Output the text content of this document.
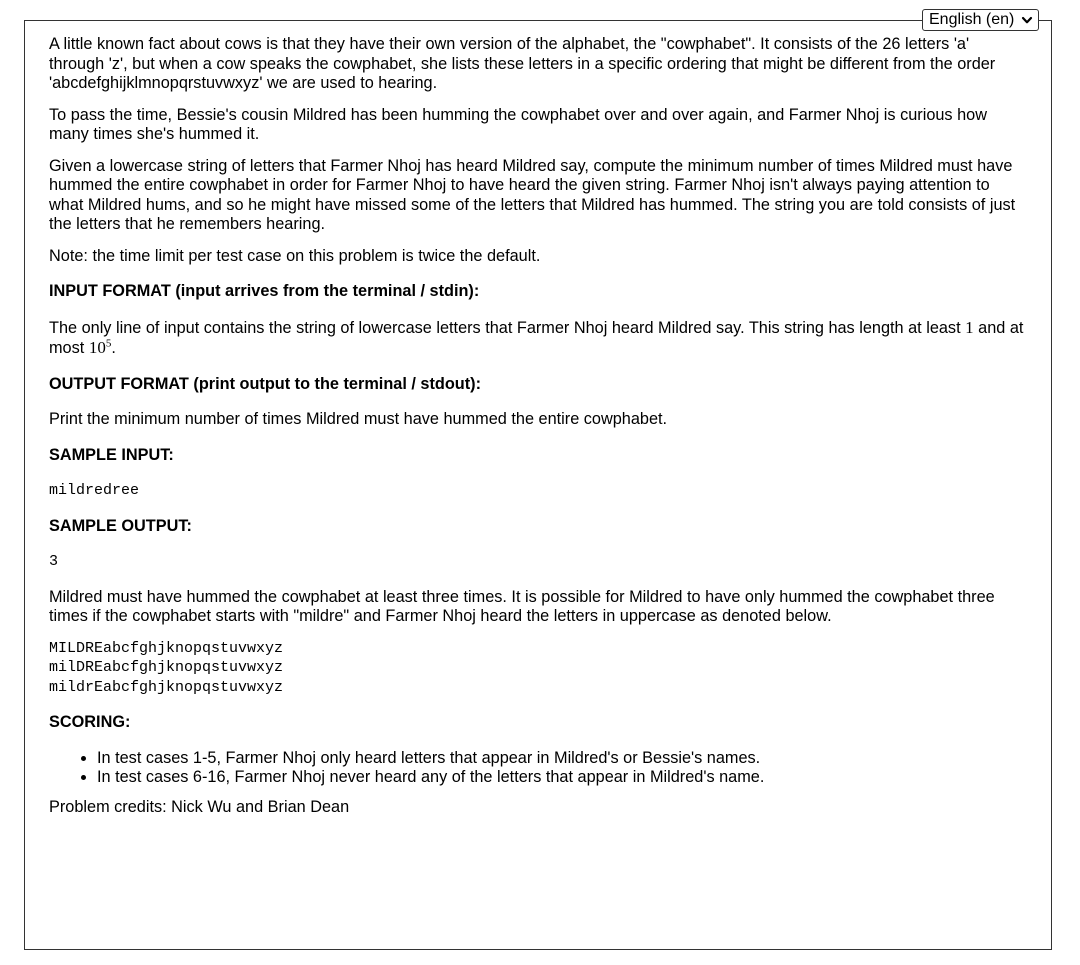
English (en)

A little known fact about cows is that they have their own version of the alphabet, the "cowphabet". It consists of the 26 letters 'a' through 'z', but when a cow speaks the cowphabet, she lists these letters in a specific ordering that might be different from the order 'abcdefghijklmnopqrstuvwxyz' we are used to hearing.

To pass the time, Bessie's cousin Mildred has been humming the cowphabet over and over again, and Farmer Nhoj is curious how many times she's hummed it.

Given a lowercase string of letters that Farmer Nhoj has heard Mildred say, compute the minimum number of times Mildred must have hummed the entire cowphabet in order for Farmer Nhoj to have heard the given string. Farmer Nhoj isn't always paying attention to what Mildred hums, and so he might have missed some of the letters that Mildred has hummed. The string you are told consists of just the letters that he remembers hearing.

Note: the time limit per test case on this problem is twice the default.

INPUT FORMAT (input arrives from the terminal / stdin):

The only line of input contains the string of lowercase letters that Farmer Nhoj heard Mildred say. This string has length at least 1 and at most $10^5$.

OUTPUT FORMAT (print output to the terminal / stdout):

Print the minimum number of times Mildred must have hummed the entire cowphabet.

SAMPLE INPUT:

mildredree

SAMPLE OUTPUT:

3

Mildred must have hummed the cowphabet at least three times. It is possible for Mildred to have only hummed the cowphabet three times if the cowphabet starts with "mildre" and Farmer Nhoj heard the letters in uppercase as denoted below.

MILDREabcfghjknopqstuvwxyz
milDREabcfghjknopqstuvwxyz
mildrEabcfghjknopqstuvwxyz

SCORING:

• In test cases 1-5, Farmer Nhoj only heard letters that appear in Mildred's or Bessie's names.
• In test cases 6-16, Farmer Nhoj never heard any of the letters that appear in Mildred's name.

Problem credits: Nick Wu and Brian Dean
